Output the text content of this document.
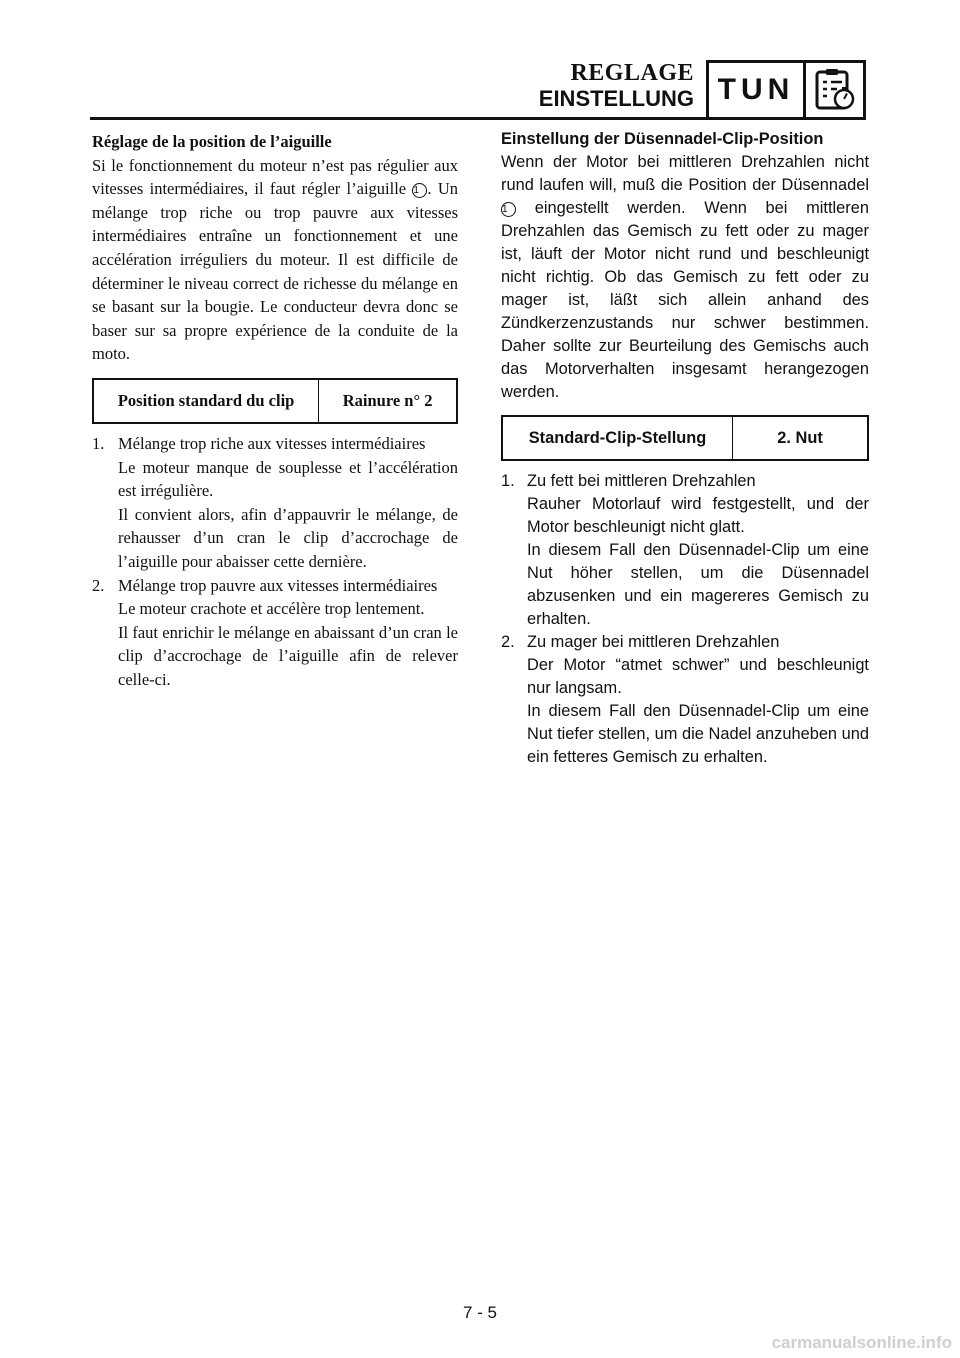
REGLAGE
EINSTELLUNG TUN
Réglage de la position de l’aiguille

Si le fonctionnement du moteur n’est pas régulier aux vitesses intermédiaires, il faut régler l’aiguille 1 . Un mélange trop riche ou trop pauvre aux vitesses intermédiaires entraîne un fonctionnement et une accélération irréguliers du moteur. Il est difficile de déterminer le niveau correct de richesse du mélange en se basant sur la bougie. Le conducteur devra donc se baser sur sa propre expérience de la conduite de la moto.

Position standard du clip	Rainure n° 2
1. Mélange trop riche aux vitesses intermédiaires

Le moteur manque de souplesse et l’accélération est irrégulière.

Il convient alors, afin d’appauvrir le mélange, de rehausser d’un cran le clip d’accrochage de l’aiguille pour abaisser cette dernière.

2. Mélange trop pauvre aux vitesses intermédiaires

Le moteur crachote et accélère trop lentement.

Il faut enrichir le mélange en abaissant d’un cran le clip d’accrochage de l’aiguille afin de relever celle-ci.

Einstellung der Düsennadel-Clip-Position

Wenn der Motor bei mittleren Drehzahlen nicht rund laufen will, muß die Position der Düsennadel 1 eingestellt werden. Wenn bei mittleren Drehzahlen das Gemisch zu fett oder zu mager ist, läuft der Motor nicht rund und beschleunigt nicht richtig. Ob das Gemisch zu fett oder zu mager ist, läßt sich allein anhand des Zündkerzenzustands nur schwer bestimmen. Daher sollte zur Beurteilung des Gemischs auch das Motorverhalten insgesamt herangezogen werden.

Standard-Clip-Stellung	2. Nut
1. Zu fett bei mittleren Drehzahlen

Rauher Motorlauf wird festgestellt, und der Motor beschleunigt nicht glatt.

In diesem Fall den Düsennadel-Clip um eine Nut höher stellen, um die Düsennadel abzusenken und ein magereres Gemisch zu erhalten.

2. Zu mager bei mittleren Drehzahlen

Der Motor “atmet schwer” und beschleunigt nur langsam.

In diesem Fall den Düsennadel-Clip um eine Nut tiefer stellen, um die Nadel anzuheben und ein fetteres Gemisch zu erhalten.

7 - 5
carmanualsonline.info
